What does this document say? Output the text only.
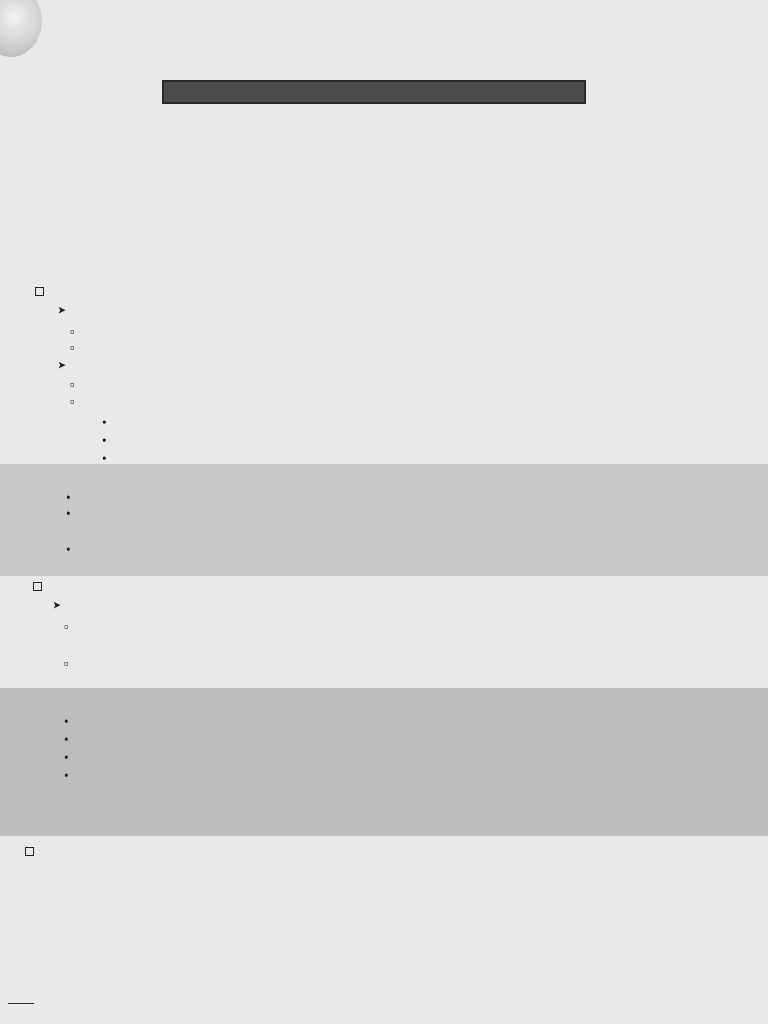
➤
▫
▫
➤
▫
▫
•
•
•
•
•
•
➤
▫
▫
•
•
•
•
